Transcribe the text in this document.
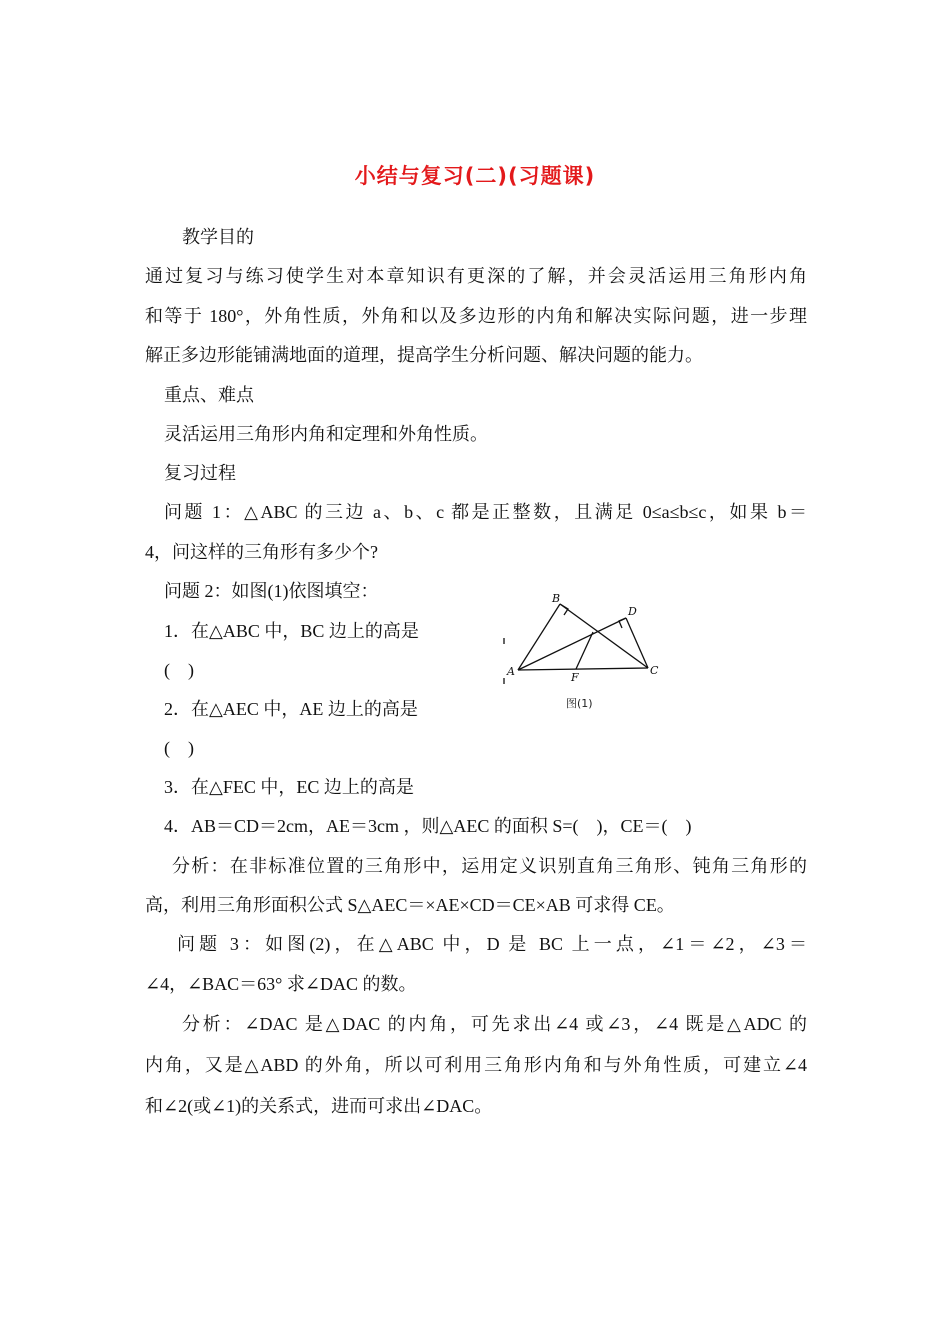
小结与复习(二)(习题课)
教学目的
通过复习与练习使学生对本章知识有更深的了解，并会灵活运用三角形内角
和等于 180°，外角性质，外角和以及多边形的内角和解决实际问题，进一步理
解正多边形能铺满地面的道理，提高学生分析问题、解决问题的能力。
重点、难点
灵活运用三角形内角和定理和外角性质。
复习过程
问题 1：△ABC 的三边 a、b、c 都是正整数，且满足 0≤a≤b≤c，如果 b＝
4，问这样的三角形有多少个?
问题 2：如图(1)依图填空：
1．在△ABC 中，BC 边上的高是
(　)
2．在△AEC 中，AE 边上的高是
(　)
3．在△FEC 中，EC 边上的高是
4．AB＝CD＝2cm，AE＝3cm ，则△AEC 的面积 S=(　)，CE＝(　)
分析：在非标准位置的三角形中，运用定义识别直角三角形、钝角三角形的
高，利用三角形面积公式 S△AEC＝×AE×CD＝CE×AB 可求得 CE。
B
D
A	F
C
图(1)
问题 3：如图(2)，在△ABC 中，D 是 BC 上一点，∠1＝∠2，∠3＝
∠4，∠BAC＝63° 求∠DAC 的数。
分析：∠DAC 是△DAC 的内角，可先求出∠4 或∠3，∠4 既是△ADC 的
内角，又是△ABD 的外角，所以可利用三角形内角和与外角性质，可建立∠4
和∠2(或∠1)的关系式，进而可求出∠DAC。
